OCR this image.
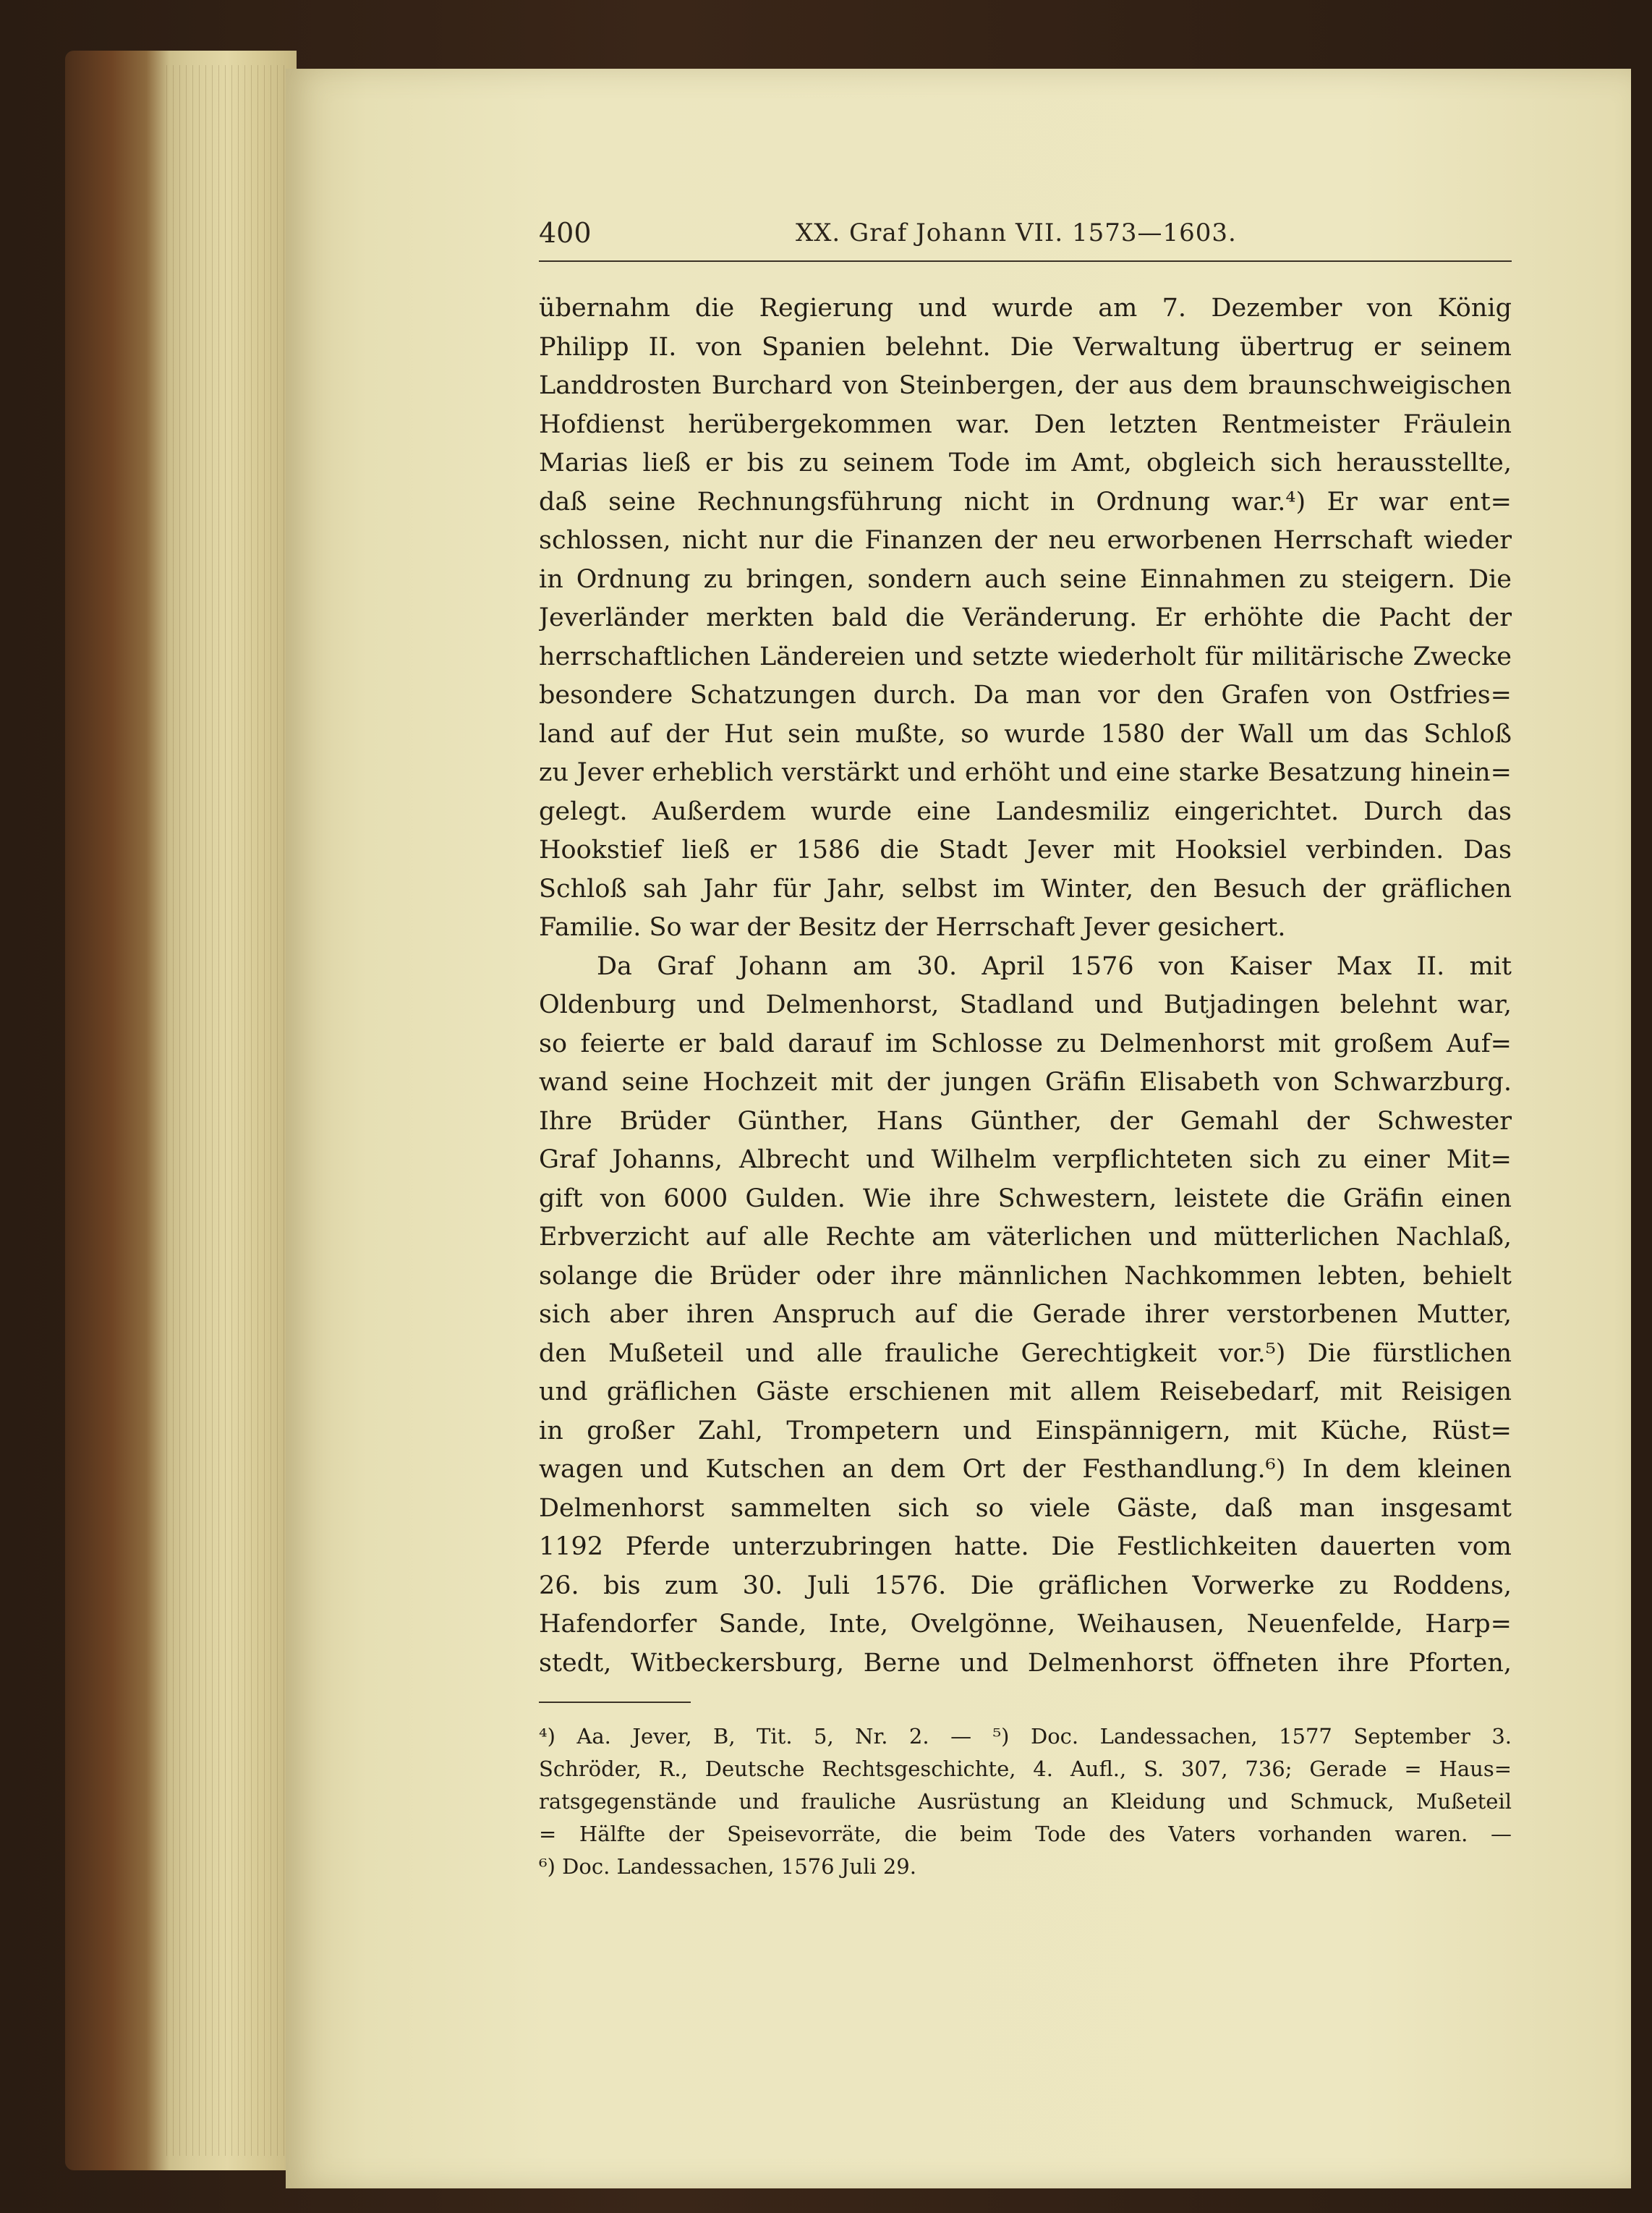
400	XX. Graf Johann VII. 1573—1603.
übernahm die Regierung und wurde am 7. Dezember von König
Philipp II. von Spanien belehnt. Die Verwaltung übertrug er seinem
Landdrosten Burchard von Steinbergen, der aus dem braunschweigischen
Hofdienst herübergekommen war. Den letzten Rentmeister Fräulein
Marias ließ er bis zu seinem Tode im Amt, obgleich sich herausstellte,
daß seine Rechnungsführung nicht in Ordnung war.⁴) Er war ent=
schlossen, nicht nur die Finanzen der neu erworbenen Herrschaft wieder
in Ordnung zu bringen, sondern auch seine Einnahmen zu steigern. Die
Jeverländer merkten bald die Veränderung. Er erhöhte die Pacht der
herrschaftlichen Ländereien und setzte wiederholt für militärische Zwecke
besondere Schatzungen durch. Da man vor den Grafen von Ostfries=
land auf der Hut sein mußte, so wurde 1580 der Wall um das Schloß
zu Jever erheblich verstärkt und erhöht und eine starke Besatzung hinein=
gelegt. Außerdem wurde eine Landesmiliz eingerichtet. Durch das
Hookstief ließ er 1586 die Stadt Jever mit Hooksiel verbinden. Das
Schloß sah Jahr für Jahr, selbst im Winter, den Besuch der gräflichen
Familie. So war der Besitz der Herrschaft Jever gesichert.
Da Graf Johann am 30. April 1576 von Kaiser Max II. mit
Oldenburg und Delmenhorst, Stadland und Butjadingen belehnt war,
so feierte er bald darauf im Schlosse zu Delmenhorst mit großem Auf=
wand seine Hochzeit mit der jungen Gräfin Elisabeth von Schwarzburg.
Ihre Brüder Günther, Hans Günther, der Gemahl der Schwester
Graf Johanns, Albrecht und Wilhelm verpflichteten sich zu einer Mit=
gift von 6000 Gulden. Wie ihre Schwestern, leistete die Gräfin einen
Erbverzicht auf alle Rechte am väterlichen und mütterlichen Nachlaß,
solange die Brüder oder ihre männlichen Nachkommen lebten, behielt
sich aber ihren Anspruch auf die Gerade ihrer verstorbenen Mutter,
den Mußeteil und alle frauliche Gerechtigkeit vor.⁵) Die fürstlichen
und gräflichen Gäste erschienen mit allem Reisebedarf, mit Reisigen
in großer Zahl, Trompetern und Einspännigern, mit Küche, Rüst=
wagen und Kutschen an dem Ort der Festhandlung.⁶) In dem kleinen
Delmenhorst sammelten sich so viele Gäste, daß man insgesamt
1192 Pferde unterzubringen hatte. Die Festlichkeiten dauerten vom
26. bis zum 30. Juli 1576. Die gräflichen Vorwerke zu Roddens,
Hafendorfer Sande, Inte, Ovelgönne, Weihausen, Neuenfelde, Harp=
stedt, Witbeckersburg, Berne und Delmenhorst öffneten ihre Pforten,
⁴) Aa. Jever, B, Tit. 5, Nr. 2. — ⁵) Doc. Landessachen, 1577 September 3.
Schröder, R., Deutsche Rechtsgeschichte, 4. Aufl., S. 307, 736; Gerade = Haus=
ratsgegenstände und frauliche Ausrüstung an Kleidung und Schmuck, Mußeteil
= Hälfte der Speisevorräte, die beim Tode des Vaters vorhanden waren. —
⁶) Doc. Landessachen, 1576 Juli 29.
